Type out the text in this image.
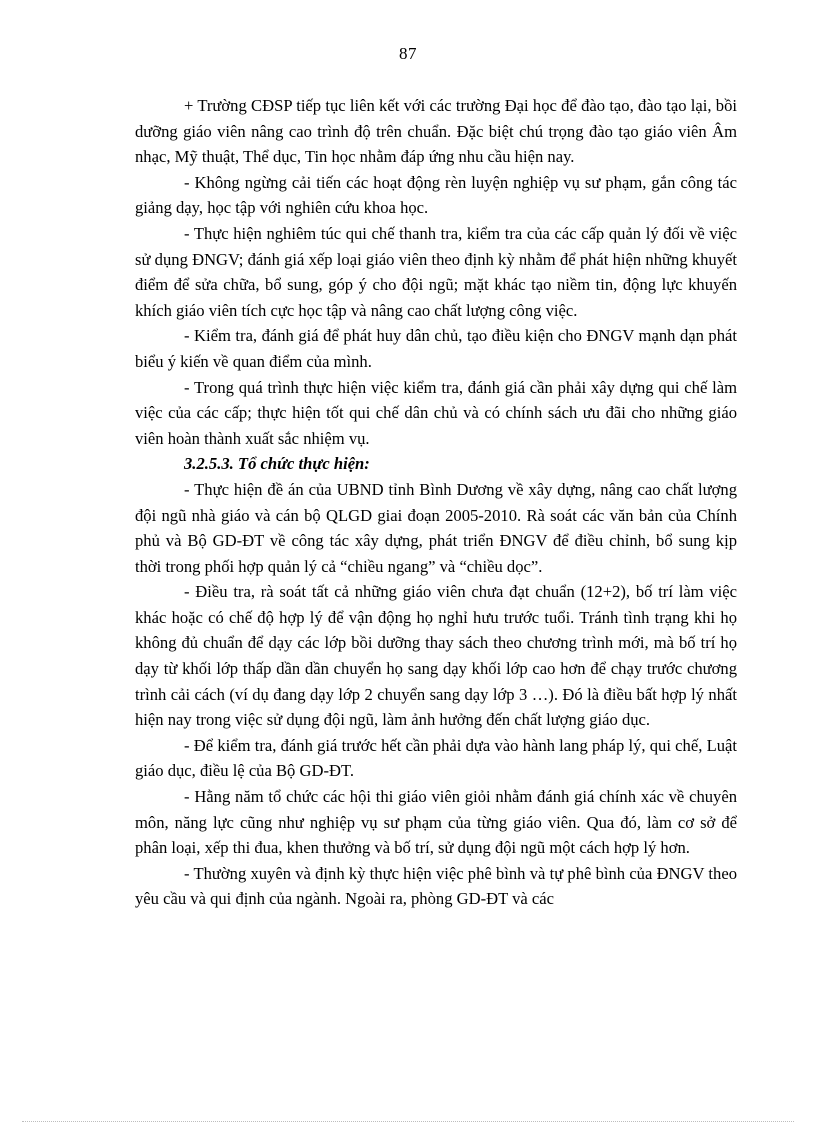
87

+ Trường CĐSP tiếp tục liên kết với các trường Đại học để đào tạo, đào tạo lại, bồi dưỡng giáo viên nâng cao trình độ trên chuẩn. Đặc biệt chú trọng đào tạo giáo viên Âm nhạc, Mỹ thuật, Thể dục, Tin học nhằm đáp ứng nhu cầu hiện nay.

- Không ngừng cải tiến các hoạt động rèn luyện nghiệp vụ sư phạm, gắn công tác giảng dạy, học tập với nghiên cứu khoa học.

- Thực hiện nghiêm túc qui chế thanh tra, kiểm tra của các cấp quản lý đối về việc sử dụng ĐNGV; đánh giá xếp loại giáo viên theo định kỳ nhằm để phát hiện những khuyết điểm để sửa chữa, bổ sung, góp ý cho đội ngũ; mặt khác tạo niềm tin, động lực khuyến khích giáo viên tích cực học tập và nâng cao chất lượng công việc.

- Kiểm tra, đánh giá để phát huy dân chủ, tạo điều kiện cho ĐNGV mạnh dạn phát biểu ý kiến về quan điểm của mình.

- Trong quá trình thực hiện việc kiểm tra, đánh giá cần phải xây dựng qui chế làm việc của các cấp; thực hiện tốt qui chế dân chủ và có chính sách ưu đãi cho những giáo viên hoàn thành xuất sắc nhiệm vụ.

3.2.5.3. Tổ chức thực hiện:

- Thực hiện đề án của UBND tỉnh Bình Dương về xây dựng, nâng cao chất lượng đội ngũ nhà giáo và cán bộ QLGD giai đoạn 2005-2010. Rà soát các văn bản của Chính phủ và Bộ GD-ĐT về công tác xây dựng, phát triển ĐNGV để điều chỉnh, bổ sung kịp thời trong phối hợp quản lý cả “chiều ngang” và “chiều dọc”.

- Điều tra, rà soát tất cả những giáo viên chưa đạt chuẩn (12+2), bố trí làm việc khác hoặc có chế độ hợp lý để vận động họ nghỉ hưu trước tuổi. Tránh tình trạng khi họ không đủ chuẩn để dạy các lớp bồi dưỡng thay sách theo chương trình mới, mà bố trí họ dạy từ khối lớp thấp dần dần chuyển họ sang dạy khối lớp cao hơn để chạy trước chương trình cải cách (ví dụ đang dạy lớp 2 chuyển sang dạy lớp 3 …). Đó là điều bất hợp lý nhất hiện nay trong việc sử dụng đội ngũ, làm ảnh hưởng đến chất lượng giáo dục.

- Để kiểm tra, đánh giá trước hết cần phải dựa vào hành lang pháp lý, qui chế, Luật giáo dục, điều lệ của Bộ GD-ĐT.

- Hằng năm tổ chức các hội thi giáo viên giỏi nhằm đánh giá chính xác về chuyên môn, năng lực cũng như nghiệp vụ sư phạm của từng giáo viên. Qua đó, làm cơ sở để phân loại, xếp thi đua, khen thưởng và bố trí, sử dụng đội ngũ một cách hợp lý hơn.

- Thường xuyên và định kỳ thực hiện việc phê bình và tự phê bình của ĐNGV theo yêu cầu và qui định của ngành. Ngoài ra, phòng GD-ĐT và các
